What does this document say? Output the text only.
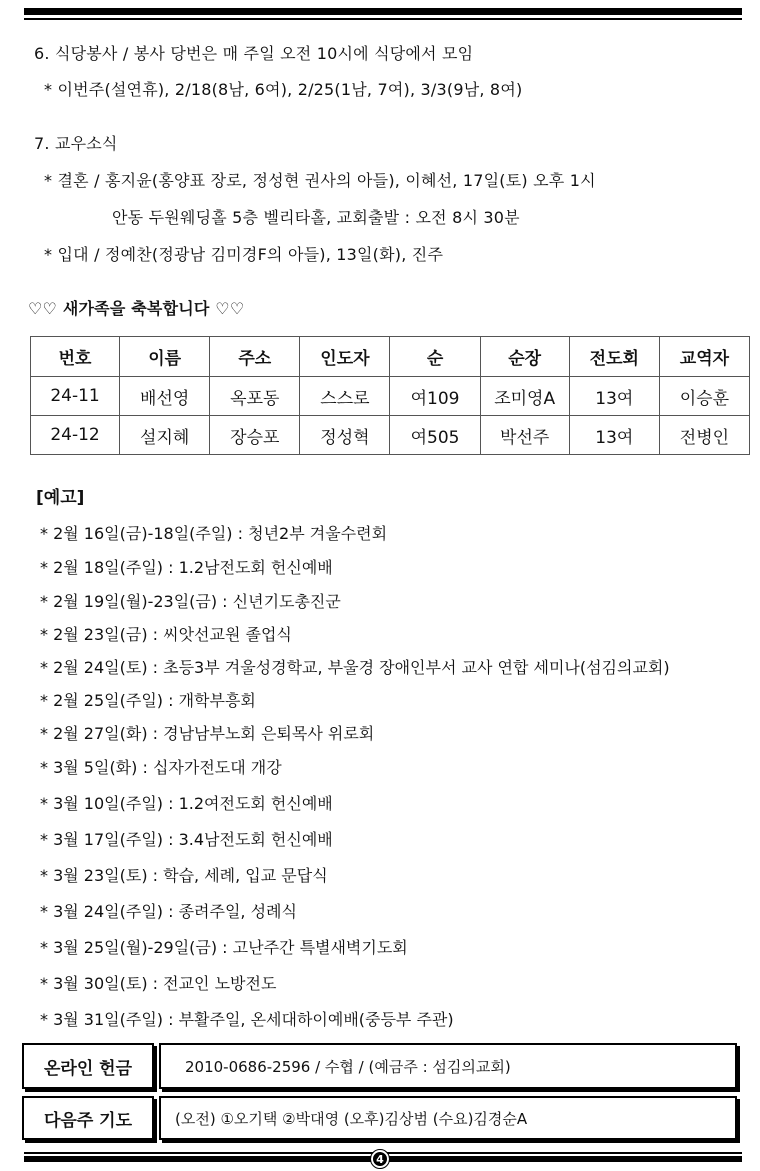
6. 식당봉사 / 봉사 당번은 매 주일 오전 10시에 식당에서 모임
* 이번주(설연휴), 2/18(8남, 6여), 2/25(1남, 7여), 3/3(9남, 8여)
7. 교우소식
* 결혼 / 홍지윤(홍양표 장로, 정성현 권사의 아들), 이혜선, 17일(토) 오후 1시
안동 두원웨딩홀 5층 벨리타홀, 교회출발 : 오전 8시 30분
* 입대 / 정예찬(정광남 김미경F의 아들), 13일(화), 진주
♡♡ 새가족을 축복합니다 ♡♡
번호	이름	주소	인도자	순	순장	전도회	교역자
24-11	배선영	옥포동	스스로	여109	조미영A	13여	이승훈
24-12	설지혜	장승포	정성혁	여505	박선주	13여	전병인
[예고]
* 2월 16일(금)-18일(주일) : 청년2부 겨울수련회
* 2월 18일(주일) : 1.2남전도회 헌신예배
* 2월 19일(월)-23일(금) : 신년기도총진군
* 2월 23일(금) : 씨앗선교원 졸업식
* 2월 24일(토) : 초등3부 겨울성경학교, 부울경 장애인부서 교사 연합 세미나(섬김의교회)
* 2월 25일(주일) : 개학부흥회
* 2월 27일(화) : 경남남부노회 은퇴목사 위로회
* 3월 5일(화) : 십자가전도대 개강
* 3월 10일(주일) : 1.2여전도회 헌신예배
* 3월 17일(주일) : 3.4남전도회 헌신예배
* 3월 23일(토) : 학습, 세례, 입교 문답식
* 3월 24일(주일) : 종려주일, 성례식
* 3월 25일(월)-29일(금) : 고난주간 특별새벽기도회
* 3월 30일(토) : 전교인 노방전도
* 3월 31일(주일) : 부활주일, 온세대하이예배(중등부 주관)
온라인 헌금	2010-0686-2596 / 수협 / (예금주 : 섬김의교회)
다음주 기도	(오전) ①오기택 ②박대영 (오후)김상범 (수요)김경순A
4
